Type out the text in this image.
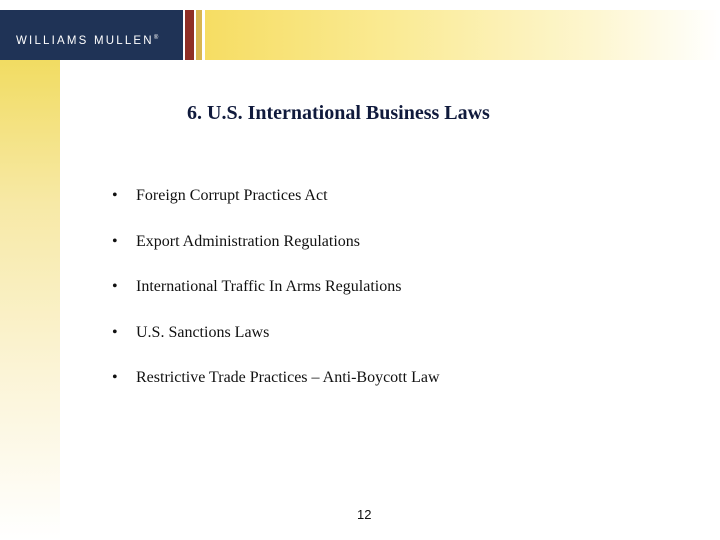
WILLIAMS MULLEN®
6. U.S. International Business Laws
• Foreign Corrupt Practices Act
• Export Administration Regulations
• International Traffic In Arms Regulations
• U.S. Sanctions Laws
• Restrictive Trade Practices – Anti-Boycott Law
12
